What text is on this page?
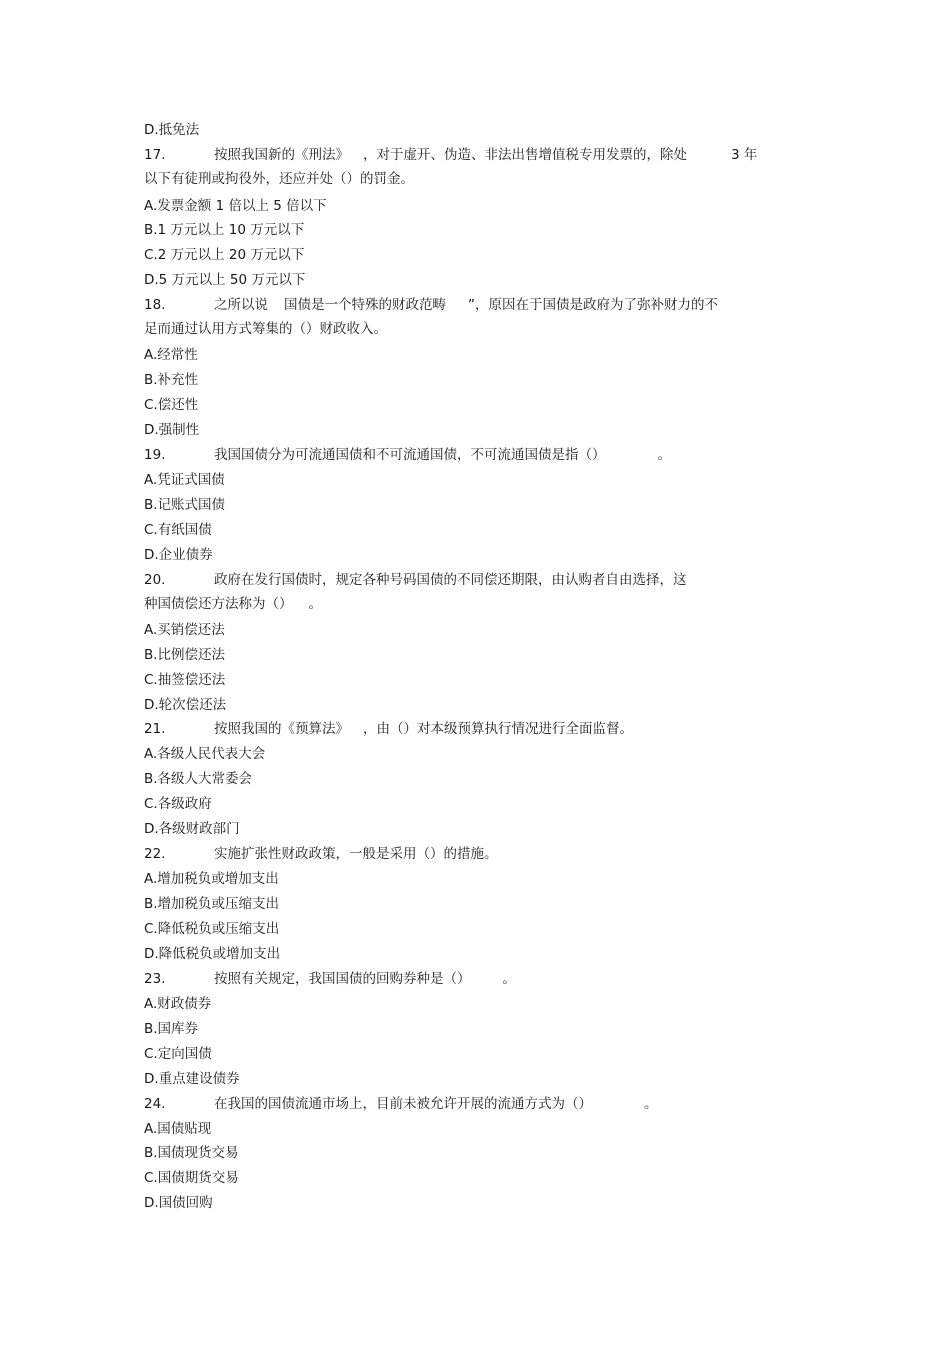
D.抵免法
17.	按照我国新的《刑法》 ，对于虚开、伪造、非法出售增值税专用发票的，除处	3 年
以下有徒刑或拘役外，还应并处（）的罚金。
A.发票金额 1 倍以上 5 倍以下
B.1 万元以上 10 万元以下
C.2 万元以上 20 万元以下
D.5 万元以上 50 万元以下
18.	之所以说 国债是一个特殊的财政范畴 ”，原因在于国债是政府为了弥补财力的不
足而通过认用方式筹集的（）财政收入。
A.经常性
B.补充性
C.偿还性
D.强制性
19.	我国国债分为可流通国债和不可流通国债，不可流通国债是指（）	。
A.凭证式国债
B.记账式国债
C.有纸国债
D.企业债券
20.	政府在发行国债时，规定各种号码国债的不同偿还期限，由认购者自由选择，这
种国债偿还方法称为（） 。
A.买销偿还法
B.比例偿还法
C.抽签偿还法
D.轮次偿还法
21.	按照我国的《预算法》 ，由（）对本级预算执行情况进行全面监督。
A.各级人民代表大会
B.各级人大常委会
C.各级政府
D.各级财政部门
22.	实施扩张性财政政策，一般是采用（）的措施。
A.增加税负或增加支出
B.增加税负或压缩支出
C.降低税负或压缩支出
D.降低税负或增加支出
23.	按照有关规定，我国国债的回购券种是（） 。
A.财政债券
B.国库券
C.定向国债
D.重点建设债券
24.	在我国的国债流通市场上，目前未被允许开展的流通方式为（）	。
A.国债贴现
B.国债现货交易
C.国债期货交易
D.国债回购
